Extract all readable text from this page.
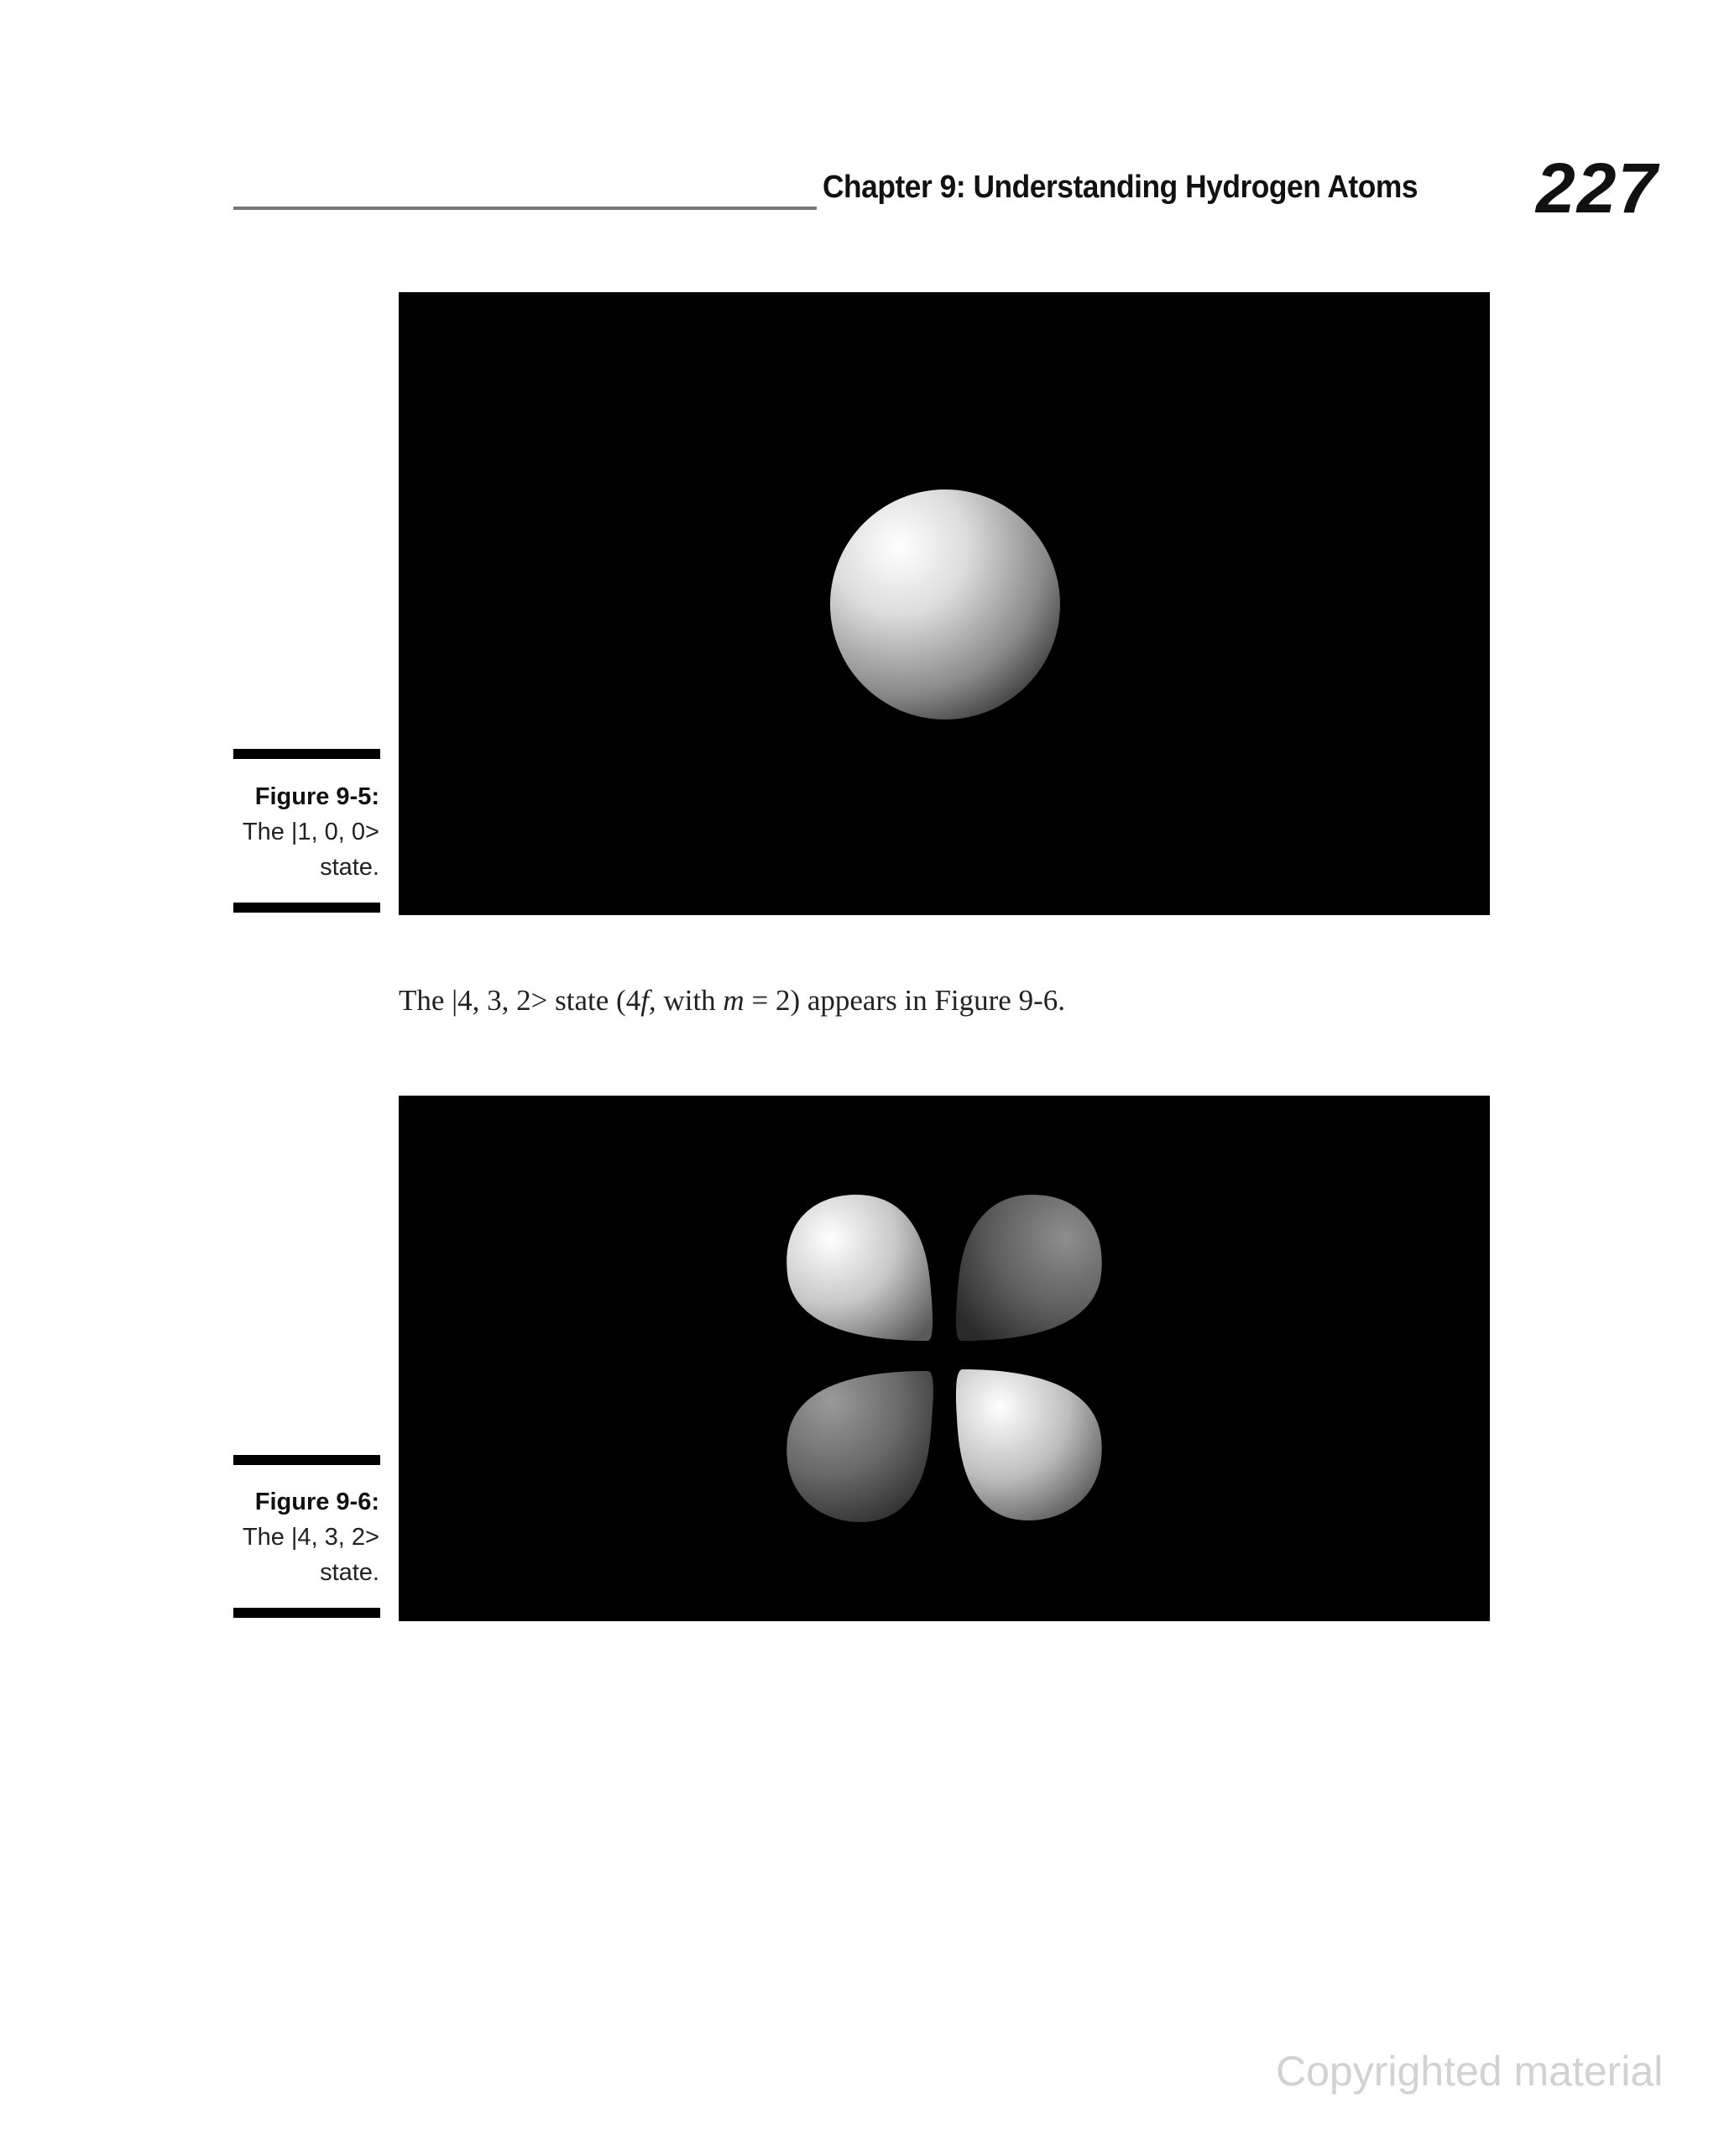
Chapter 9: Understanding Hydrogen Atoms 227
Figure 9-5:
The |1, 0, 0>
state.
The |4, 3, 2> state (4f, with m = 2) appears in Figure 9-6.
Figure 9-6:
The |4, 3, 2>
state.
Copyrighted material
